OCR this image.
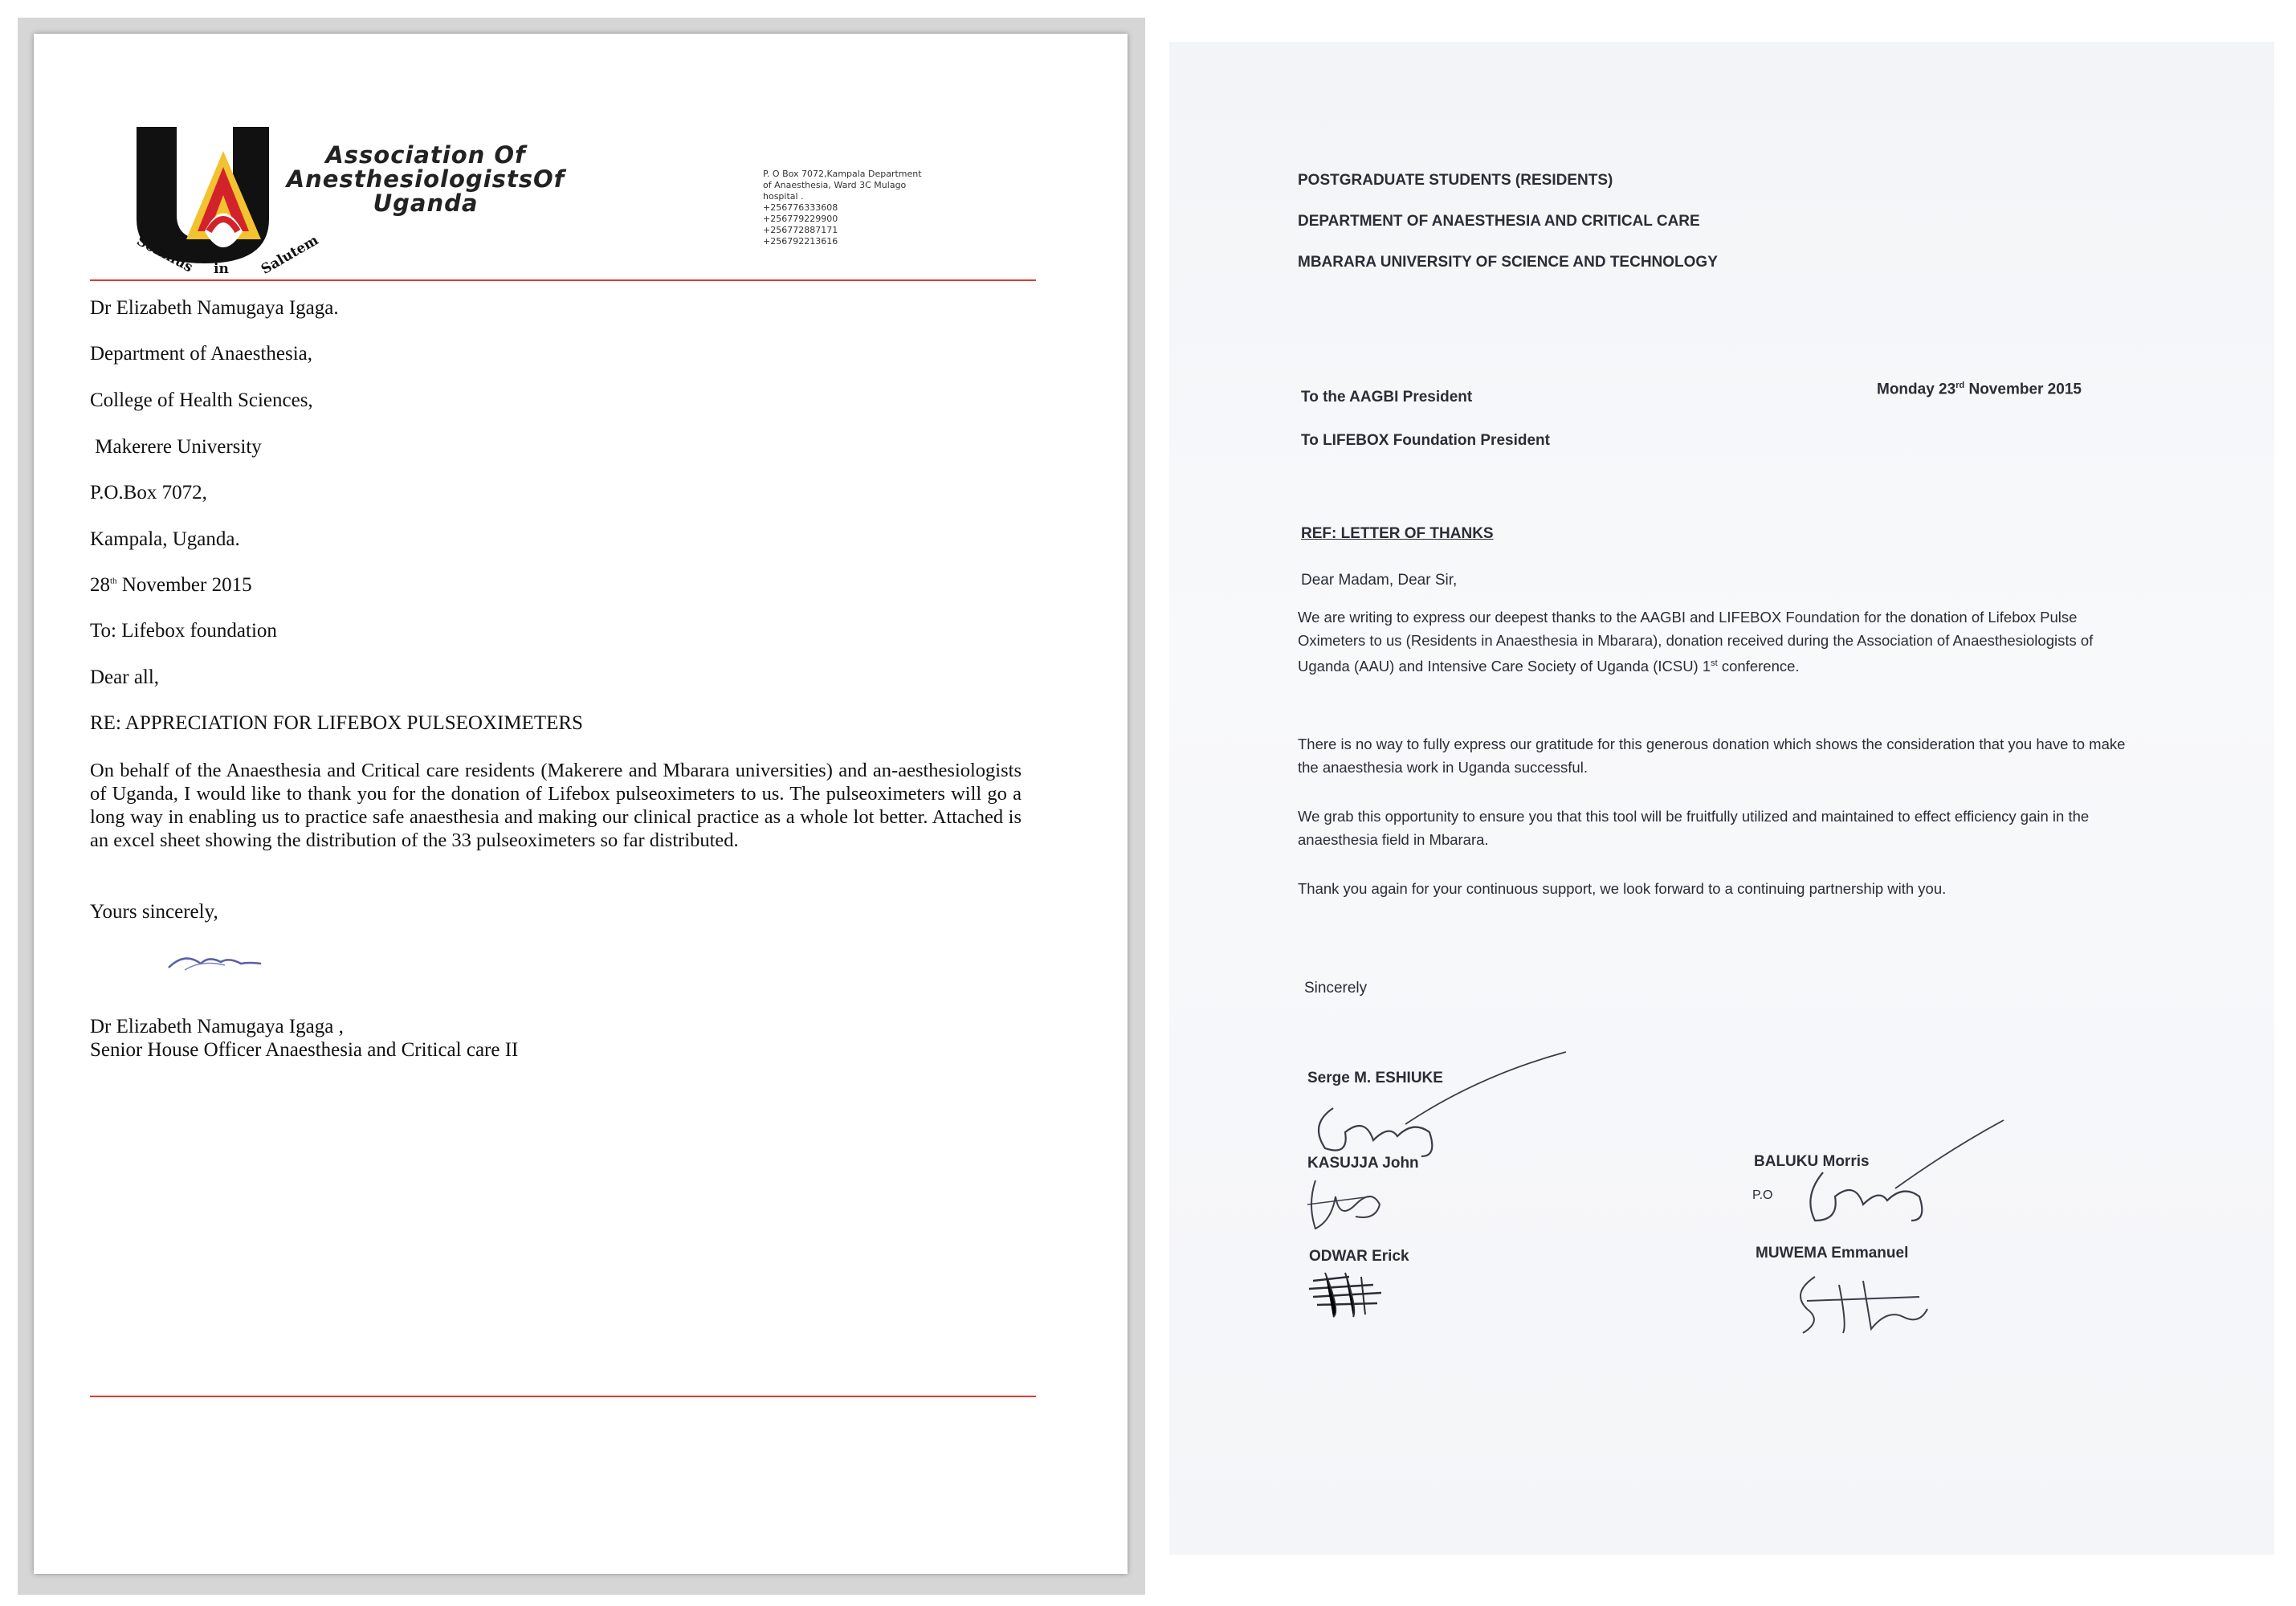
Somnus in Salutem
Association Of
AnesthesiologistsOf
Uganda
P. O Box 7072,Kampala Department
of Anaesthesia, Ward 3C Mulago
hospital .
+256776333608
+256779229900
+256772887171
+256792213616
Dr Elizabeth Namugaya Igaga.
Department of Anaesthesia,
College of Health Sciences,
Makerere University
P.O.Box 7072,
Kampala, Uganda.
28th November 2015
To: Lifebox foundation
Dear all,
RE: APPRECIATION FOR LIFEBOX PULSEOXIMETERS
On behalf of the Anaesthesia and Critical care residents (Makerere and Mbarara universities) and an-aesthesiologists of Uganda, I would like to thank you for the donation of Lifebox pulseoximeters to us. The pulseoximeters will go a long way in enabling us to practice safe anaesthesia and making our clinical practice as a whole lot better. Attached is an excel sheet showing the distribution of the 33 pulseoximeters so far distributed.
Yours sincerely,
Dr Elizabeth Namugaya Igaga ,
Senior House Officer Anaesthesia and Critical care II
POSTGRADUATE STUDENTS (RESIDENTS)
DEPARTMENT OF ANAESTHESIA AND CRITICAL CARE
MBARARA UNIVERSITY OF SCIENCE AND TECHNOLOGY
To the AAGBI President	Monday 23rd November 2015
To LIFEBOX Foundation President
REF: LETTER OF THANKS
Dear Madam, Dear Sir,
We are writing to express our deepest thanks to the AAGBI and LIFEBOX Foundation for the donation of Lifebox Pulse Oximeters to us (Residents in Anaesthesia in Mbarara), donation received during the Association of Anaesthesiologists of Uganda (AAU) and Intensive Care Society of Uganda (ICSU) 1st conference.
There is no way to fully express our gratitude for this generous donation which shows the consideration that you have to make the anaesthesia work in Uganda successful.
We grab this opportunity to ensure you that this tool will be fruitfully utilized and maintained to effect efficiency gain in the anaesthesia field in Mbarara.
Thank you again for your continuous support, we look forward to a continuing partnership with you.
Sincerely
Serge M. ESHIUKE
KASUJJA John
ODWAR Erick
BALUKU Morris
P.O
MUWEMA Emmanuel
